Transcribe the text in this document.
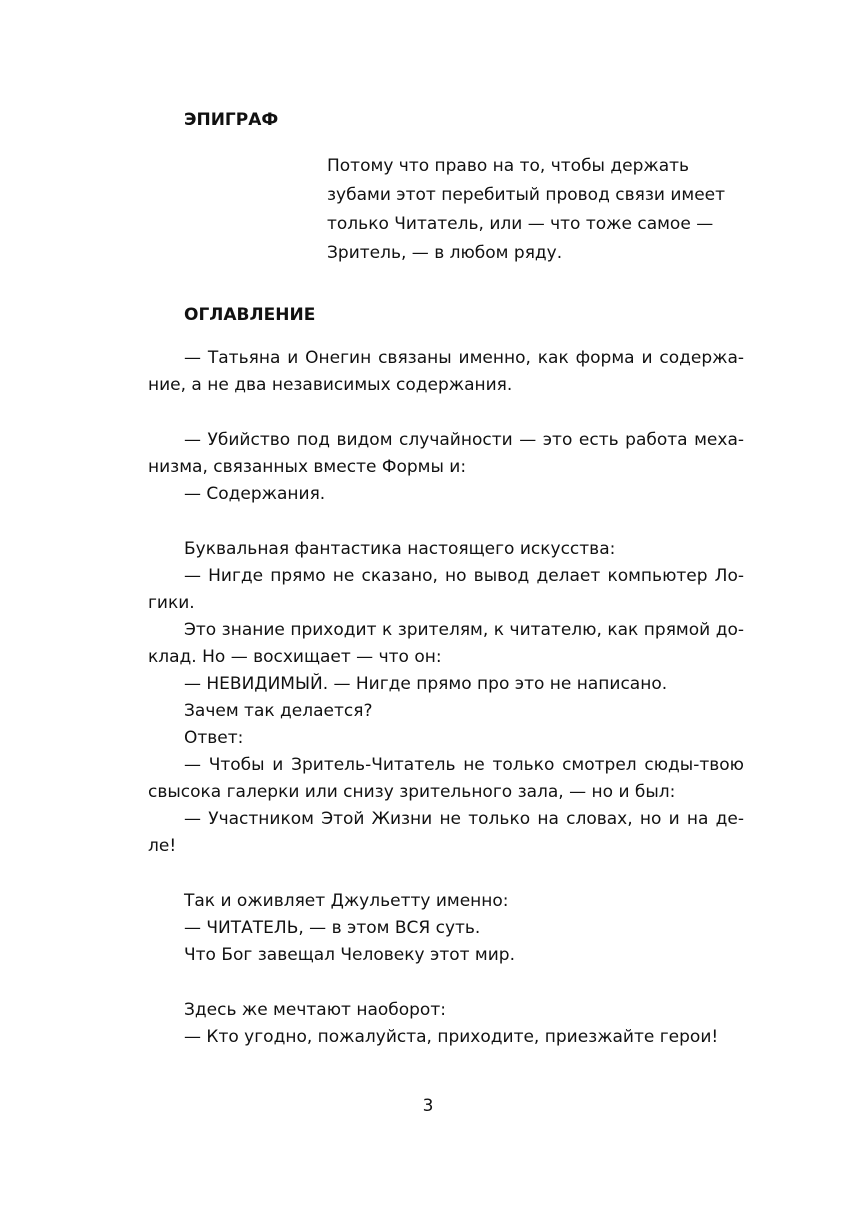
ЭПИГРАФ
Потому что право на то, чтобы держать
зубами этот перебитый провод связи имеет
только Читатель, или — что тоже самое —
Зритель, — в любом ряду.
ОГЛАВЛЕНИЕ
— Татьяна и Онегин связаны именно, как форма и содержа-
ние, а не два независимых содержания.
— Убийство под видом случайности — это есть работа меха-
низма, связанных вместе Формы и:
— Содержания.
Буквальная фантастика настоящего искусства:
— Нигде прямо не сказано, но вывод делает компьютер Ло-
гики.
Это знание приходит к зрителям, к читателю, как прямой до-
клад. Но — восхищает — что он:
— НЕВИДИМЫЙ. — Нигде прямо про это не написано.
Зачем так делается?
Ответ:
— Чтобы и Зритель-Читатель не только смотрел сюды-твою
свысока галерки или снизу зрительного зала, — но и был:
— Участником Этой Жизни не только на словах, но и на де-
ле!
Так и оживляет Джульетту именно:
— ЧИТАТЕЛЬ, — в этом ВСЯ суть.
Что Бог завещал Человеку этот мир.
Здесь же мечтают наоборот:
— Кто угодно, пожалуйста, приходите, приезжайте герои!
3
